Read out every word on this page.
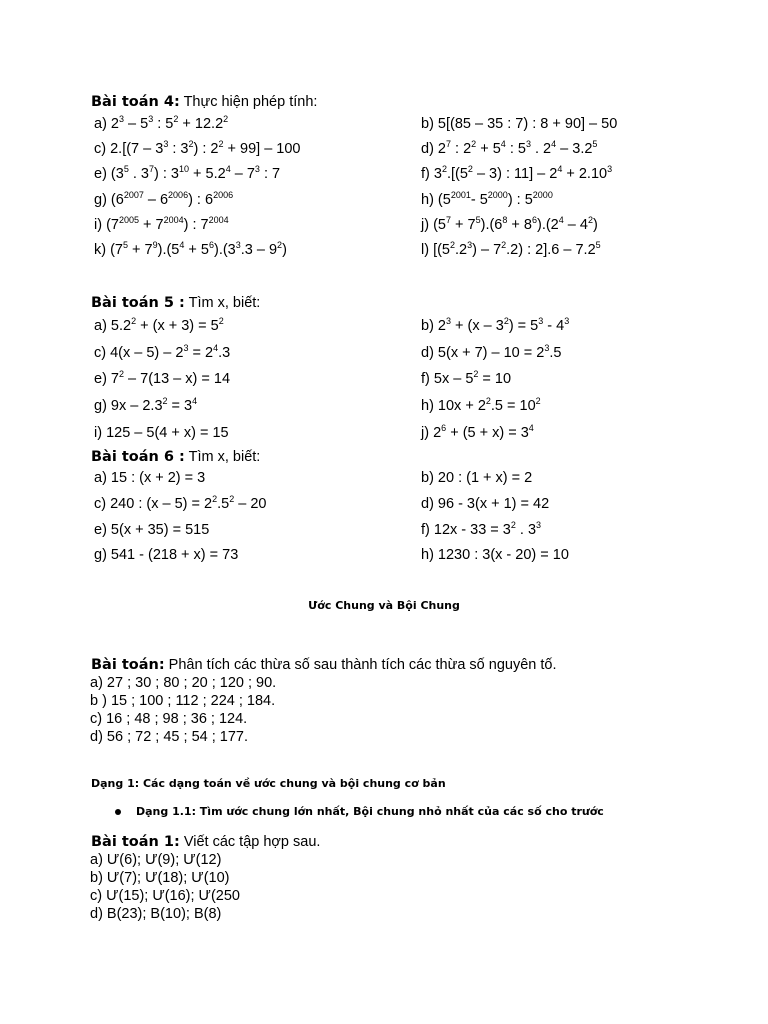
Bài toán 4: Thực hiện phép tính:
a) $2^3 - 5^3$ : $5^2 + 12.2^2$	b) 5[(85 – 35 : 7) : 8 + 90] – 50
c) $2.[(7 - 3^3$ : $3^2$) : $2^2 + 99] - 100$	d) $2^7$ : $2^2 + 5^4$ : $5^3$ . $2^4 - 3.2^5$
e) ($3^5$ . $3^7$) : $3^{10} + 5.2^4 - 7^3$ : 7	f) $3^2.[(5^2 - 3)$ : $11] - 2^4 + 2.10^3$
g) $(6^{2007} - 6^{2006})$ : $6^{2006}$	h) ($5^{2001}-$ $5^{2000}$) : $5^{2000}$
i) $(7^{2005} + 7^{2004})$ : $7^{2004}$	j) $(5^7 + 7^5).(6^8 + 8^6).(2^4 - 4^2)$
k) $(7^5 + 7^9).(5^4 + 5^6).(3^3.3 - 9^2)$	l) $[(5^2.2^3) - 7^2.2)$ : $2].6 - 7.2^5$
Bài toán 5 : Tìm x, biết:
a) $5.2^2 + (x + 3) = 5^2$	b) $2^3 + (x - 3^2) = 5^3 - 4^3$
c) $4(x - 5) - 2^3 = 2^4.3$	d) $5(x + 7) - 10 = 2^3.5$
e) $7^2 - 7(13 - x) = 14$	f) $5x - 5^2 = 10$
g) $9x - 2.3^2 = 3^4$	h) $10x + 2^2.5 = 10^2$
i) 125 – 5(4 + x) = 15	j) $2^6 + (5 + x) = 3^4$
Bài toán 6 : Tìm x, biết:
a) 15 : (x + 2) = 3	b) 20 : (1 + x) = 2
c) 240 : $(x - 5) = 2^2.5^2 - 20$	d) 96 - 3(x + 1) = 42
e) 5(x + 35) = 515	f) $12x - 33 = 3^2$ . $3^3$
g) 541 - (218 + x) = 73	h) 1230 : 3(x - 20) = 10
Ước Chung và Bội Chung
Bài toán: Phân tích các thừa số sau thành tích các thừa số nguyên tố.
a) 27 ; 30 ; 80 ; 20 ; 120 ; 90.
b ) 15 ; 100 ; 112 ; 224 ; 184.
c) 16 ; 48 ; 98 ; 36 ; 124.
d) 56 ; 72 ; 45 ; 54 ; 177.
Dạng 1: Các dạng toán về ước chung và bội chung cơ bản
Dạng 1.1: Tìm ước chung lớn nhất, Bội chung nhỏ nhất của các số cho trước
Bài toán 1: Viết các tập hợp sau.
a) Ư(6); Ư(9); Ư(12)
b) Ư(7); Ư(18); Ư(10)
c) Ư(15); Ư(16); Ư(250
d) B(23); B(10); B(8)
